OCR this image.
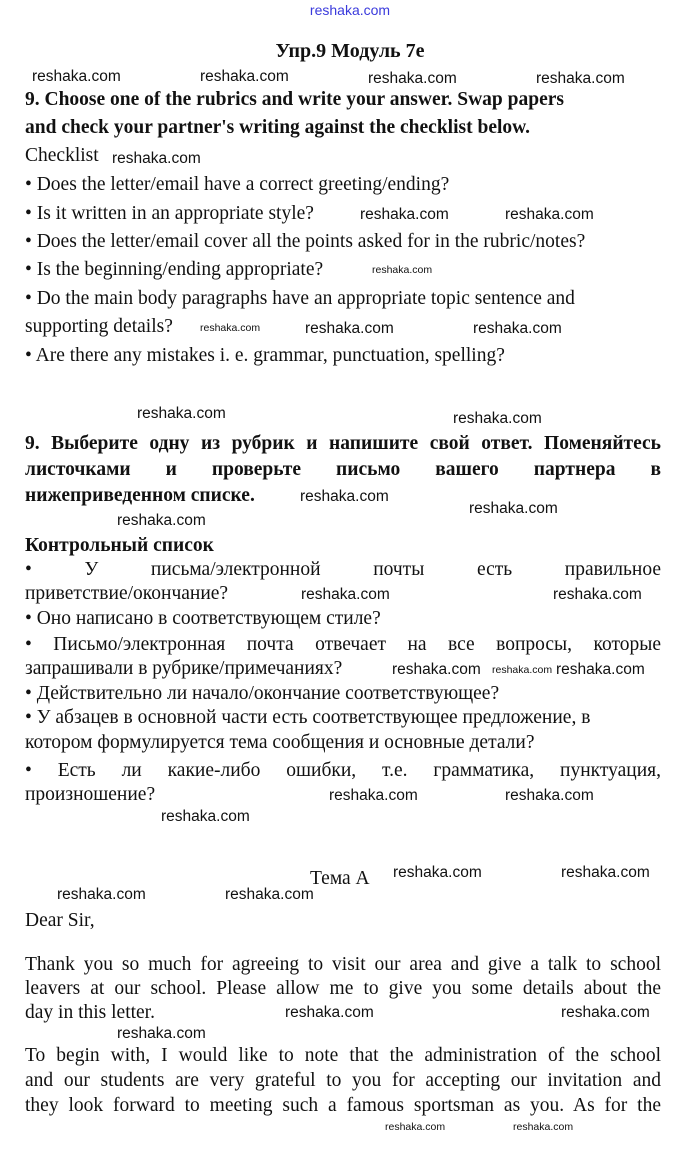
reshaka.com
Упр.9 Модуль 7е
9. Choose one of the rubrics and write your answer. Swap papers
and check your partner's writing against the checklist below.
Checklist
• Does the letter/email have a correct greeting/ending?
• Is it written in an appropriate style?
• Does the letter/email cover all the points asked for in the rubric/notes?
• Is the beginning/ending appropriate?
• Do the main body paragraphs have an appropriate topic sentence and
supporting details?
• Are there any mistakes i. e. grammar, punctuation, spelling?
9. Выберите одну из рубрик и напишите свой ответ. Поменяйтесь
листочками и проверьте письмо вашего партнера в
нижеприведенном списке.
Контрольный список
• У письма/электронной почты есть правильное
приветствие/окончание?
• Оно написано в соответствующем стиле?
• Письмо/электронная почта отвечает на все вопросы, которые
запрашивали в рубрике/примечаниях?
• Действительно ли начало/окончание соответствующее?
• У абзацев в основной части есть соответствующее предложение, в
котором формулируется тема сообщения и основные детали?
• Есть ли какие-либо ошибки, т.е. грамматика, пунктуация,
произношение?
Тема А
Dear Sir,
Thank you so much for agreeing to visit our area and give a talk to school
leavers at our school. Please allow me to give you some details about the
day in this letter.
To begin with, I would like to note that the administration of the school
and our students are very grateful to you for accepting our invitation and
they look forward to meeting such a famous sportsman as you. As for the
reshaka.com	reshaka.com	reshaka.com	reshaka.com
reshaka.com
reshaka.com	reshaka.com
reshaka.com
reshaka.com	reshaka.com	reshaka.com
reshaka.com	reshaka.com
reshaka.com
reshaka.com
reshaka.com
reshaka.com	reshaka.com
reshaka.com
reshaka.com	reshaka.com
reshaka.com	reshaka.com
reshaka.com
reshaka.com	reshaka.com
reshaka.com	reshaka.com
reshaka.com	reshaka.com
reshaka.com
reshaka.com	reshaka.com
